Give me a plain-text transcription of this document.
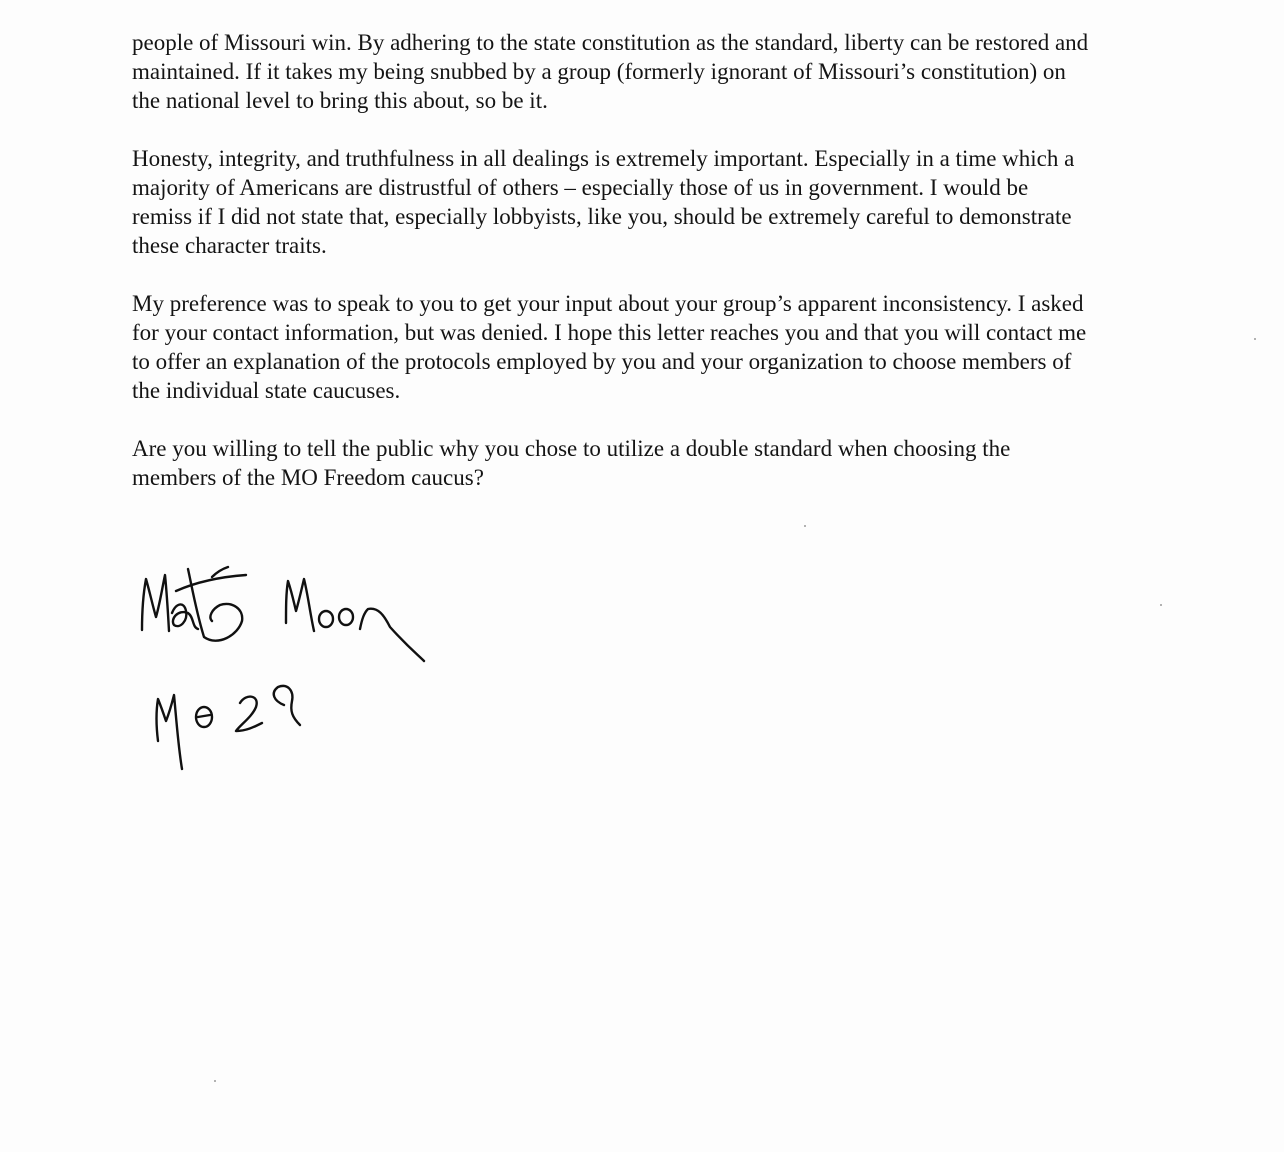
people of Missouri win. By adhering to the state constitution as the standard, liberty can be restored and
maintained. If it takes my being snubbed by a group (formerly ignorant of Missouri’s constitution) on
the national level to bring this about, so be it.

Honesty, integrity, and truthfulness in all dealings is extremely important. Especially in a time which a
majority of Americans are distrustful of others – especially those of us in government. I would be
remiss if I did not state that, especially lobbyists, like you, should be extremely careful to demonstrate
these character traits.

My preference was to speak to you to get your input about your group’s apparent inconsistency. I asked
for your contact information, but was denied. I hope this letter reaches you and that you will contact me
to offer an explanation of the protocols employed by you and your organization to choose members of
the individual state caucuses.

Are you willing to tell the public why you chose to utilize a double standard when choosing the
members of the MO Freedom caucus?
